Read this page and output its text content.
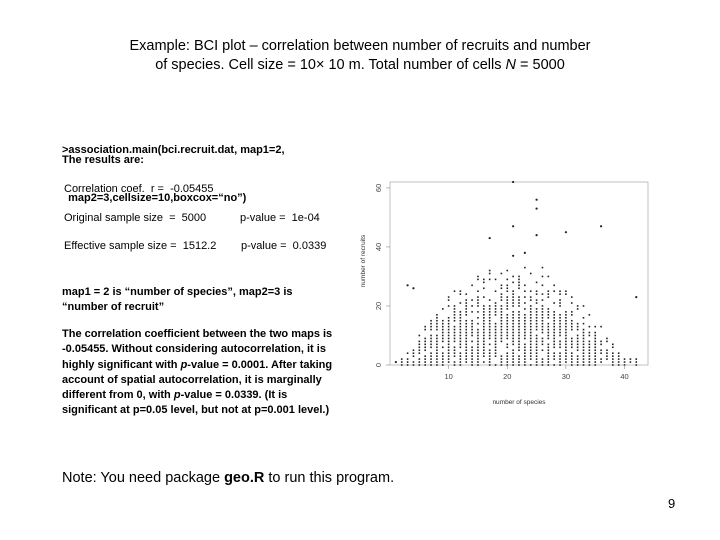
Example: BCI plot – correlation between number of recruits and number
of species. Cell size = 10× 10 m. Total number of cells N = 5000

>association.main(bci.recruit.dat, map1=2,

map2=3,cellsize=10,boxcox=“no”)

The results are:
Correlation coef.  r =  -0.05455
Original sample size  =  5000	p-value =  1e-04
Effective sample size =  1512.2 p-value =  0.0339
map1 = 2 is “number of species”, map2=3 is
“number of recruit”
The correlation coefficient between the two maps is -0.05455. Without considering autocorrelation, it is highly significant with p-value = 0.0001. After taking account of spatial autocorrelation, it is marginally different from 0, with p-value = 0.0339. (It is significant at p=0.05 level, but not at p=0.001 level.)
10	20	30	40
0
20
40
60
number of species
number of recruits
Note: You need package geo.R to run this program.
9
